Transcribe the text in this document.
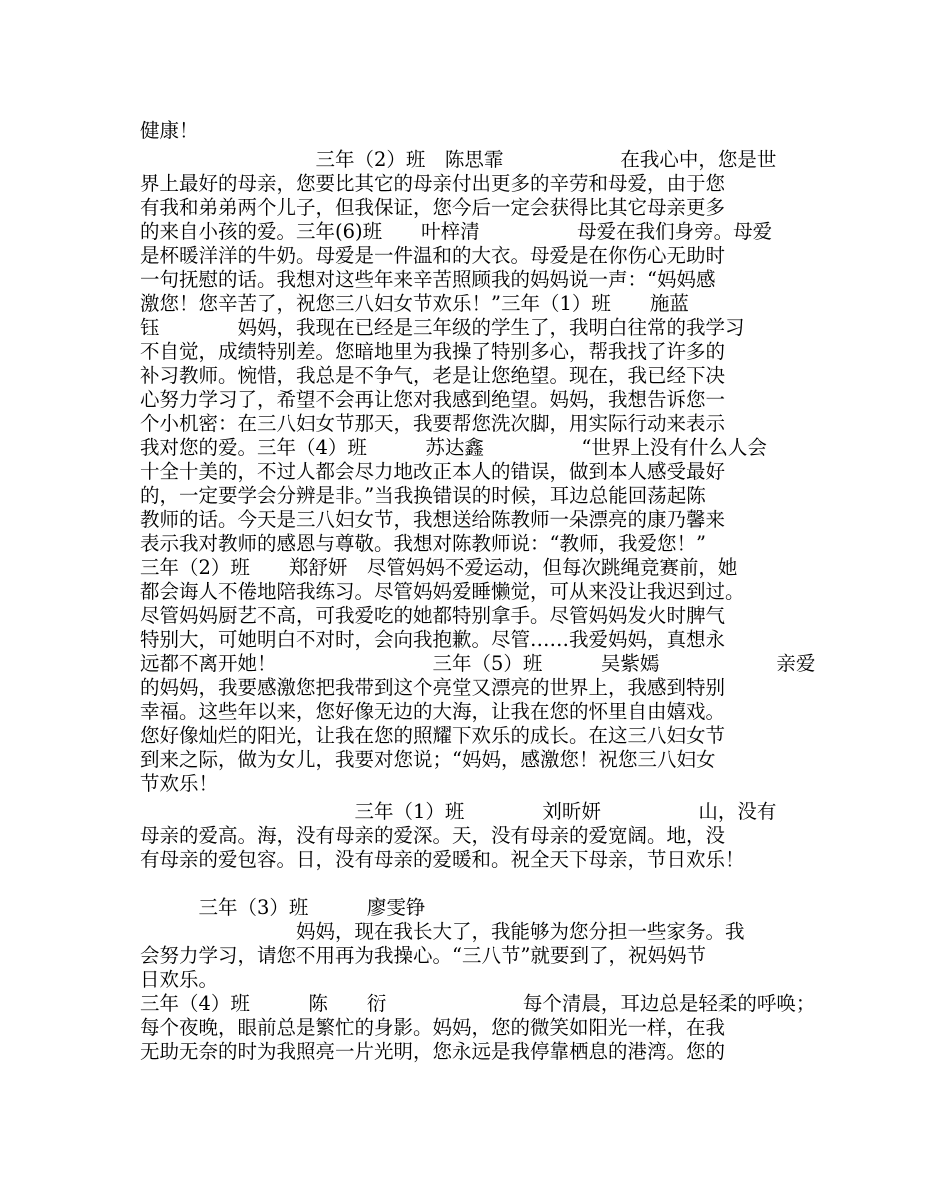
健康！
　　　　　　　　　三年（2）班　陈思霏　　　　　　在我心中，您是世
界上最好的母亲，您要比其它的母亲付出更多的辛劳和母爱，由于您
有我和弟弟两个儿子，但我保证，您今后一定会获得比其它母亲更多
的来自小孩的爱。三年(6)班　　叶梓清　　　　　母爱在我们身旁。母爱
是杯暖洋洋的牛奶。母爱是一件温和的大衣。母爱是在你伤心无助时
一句抚慰的话。我想对这些年来辛苦照顾我的妈妈说一声：“妈妈感
激您！您辛苦了，祝您三八妇女节欢乐！”三年（1）班　　施蓝
钰　　　　妈妈，我现在已经是三年级的学生了，我明白往常的我学习
不自觉，成绩特别差。您暗地里为我操了特别多心，帮我找了许多的
补习教师。惋惜，我总是不争气，老是让您绝望。现在，我已经下决
心努力学习了，希望不会再让您对我感到绝望。妈妈，我想告诉您一
个小机密：在三八妇女节那天，我要帮您洗次脚，用实际行动来表示
我对您的爱。三年（4）班　　　苏达鑫　　　　　“世界上没有什么人会
十全十美的，不过人都会尽力地改正本人的错误，做到本人感受最好
的，一定要学会分辨是非。”当我换错误的时候，耳边总能回荡起陈
教师的话。今天是三八妇女节，我想送给陈教师一朵漂亮的康乃馨来
表示我对教师的感恩与尊敬。我想对陈教师说：“教师，我爱您！”
三年（2）班　　郑舒妍　尽管妈妈不爱运动，但每次跳绳竞赛前，她
都会诲人不倦地陪我练习。尽管妈妈爱睡懒觉，可从来没让我迟到过。
尽管妈妈厨艺不高，可我爱吃的她都特别拿手。尽管妈妈发火时脾气
特别大，可她明白不对时，会向我抱歉。尽管……我爱妈妈，真想永
远都不离开她！　　　　　　　　三年（5）班　　　吴紫嫣　　　　　　亲爱
的妈妈，我要感激您把我带到这个亮堂又漂亮的世界上，我感到特别
幸福。这些年以来，您好像无边的大海，让我在您的怀里自由嬉戏。
您好像灿烂的阳光，让我在您的照耀下欢乐的成长。在这三八妇女节
到来之际，做为女儿，我要对您说；“妈妈，感激您！祝您三八妇女
节欢乐！
　　　　　　　　　　　三年（1）班　　　　刘昕妍　　　　　山，没有
母亲的爱高。海，没有母亲的爱深。天，没有母亲的爱宽阔。地，没
有母亲的爱包容。日，没有母亲的爱暖和。祝全天下母亲，节日欢乐！
　　　三年（3）班　　　廖雯铮
　　　　　　　　妈妈，现在我长大了，我能够为您分担一些家务。我
会努力学习，请您不用再为我操心。“三八节”就要到了，祝妈妈节
日欢乐。
三年（4）班　　　陈　　衍　　　　　　　每个清晨，耳边总是轻柔的呼唤；
每个夜晚，眼前总是繁忙的身影。妈妈，您的微笑如阳光一样，在我
无助无奈的时为我照亮一片光明，您永远是我停靠栖息的港湾。您的
